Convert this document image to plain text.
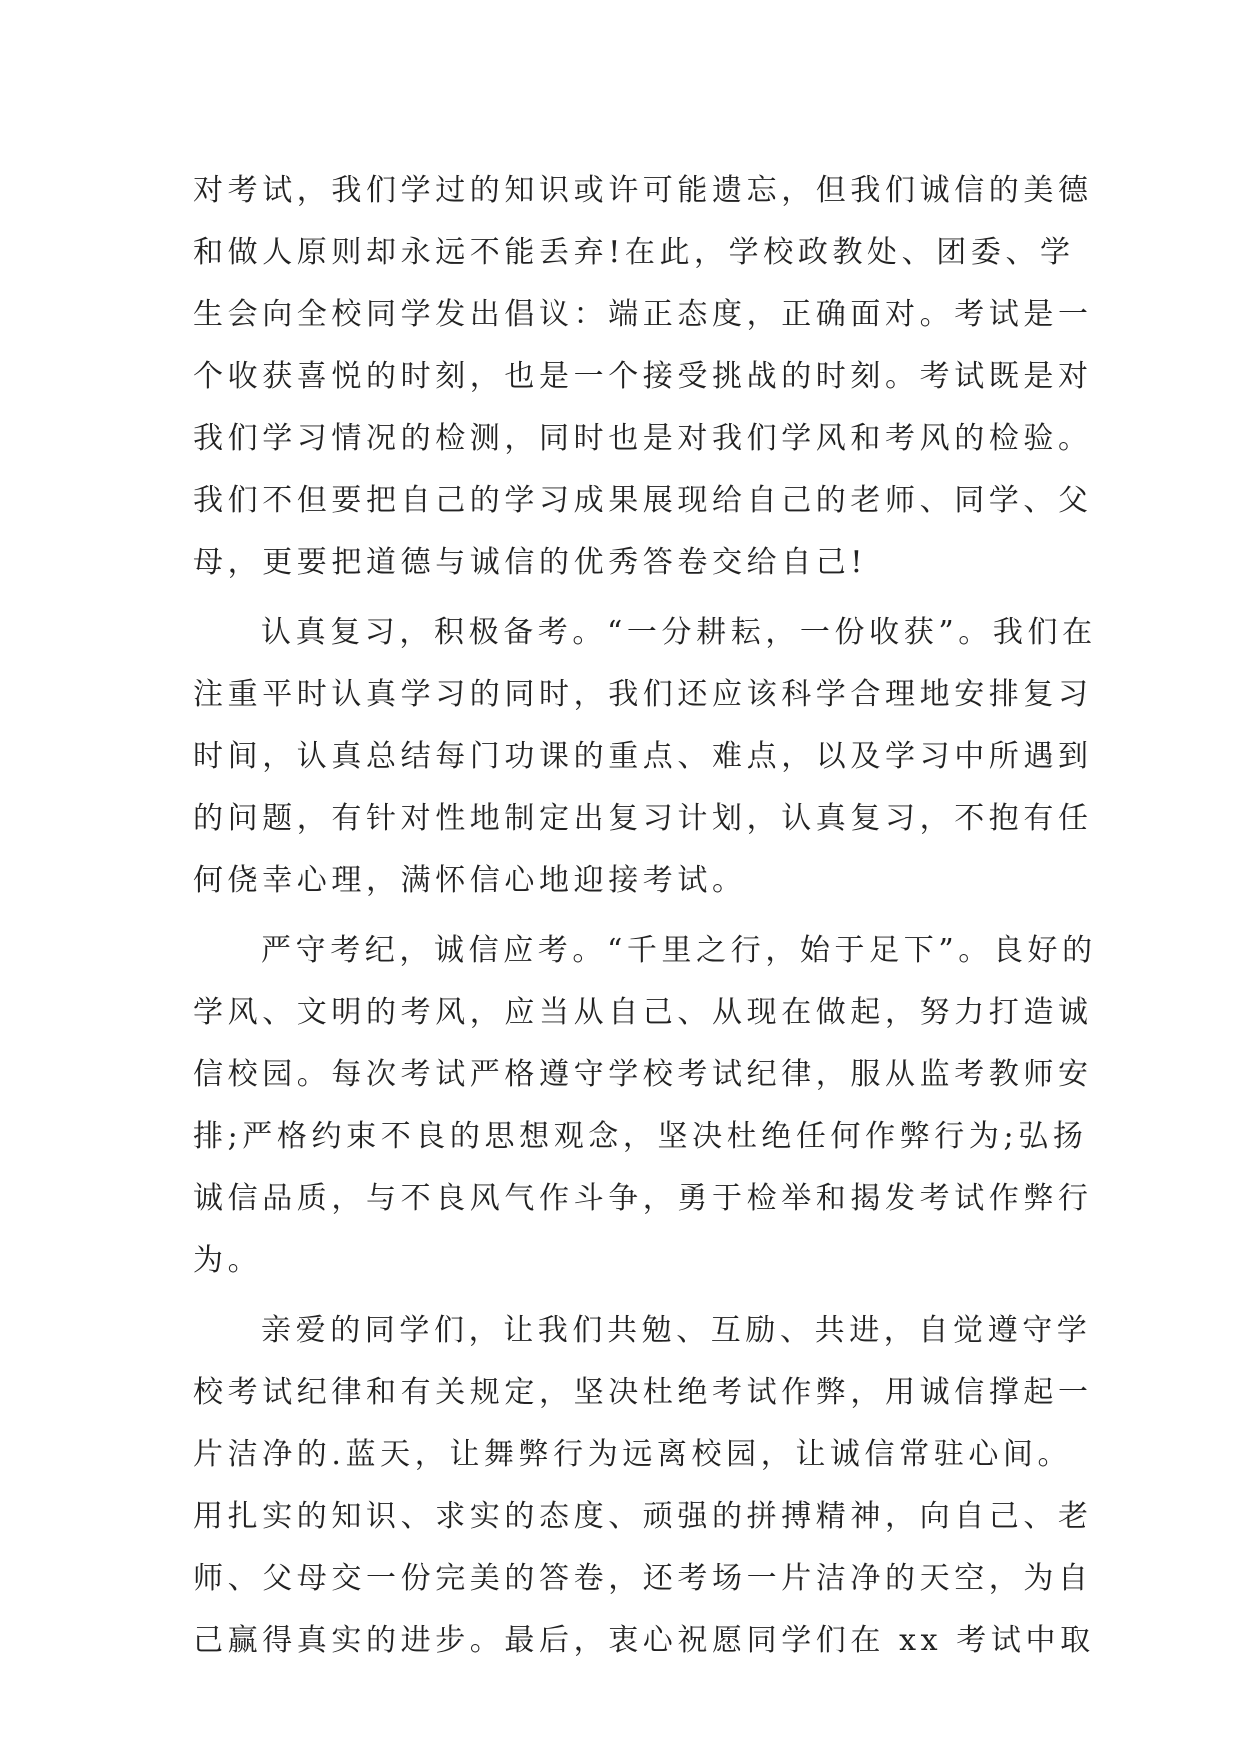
对考试，我们学过的知识或许可能遗忘，但我们诚信的美德
和做人原则却永远不能丢弃!在此，学校政教处、团委、学
生会向全校同学发出倡议：端正态度，正确面对。考试是一
个收获喜悦的时刻，也是一个接受挑战的时刻。考试既是对
我们学习情况的检测，同时也是对我们学风和考风的检验。
我们不但要把自己的学习成果展现给自己的老师、同学、父
母，更要把道德与诚信的优秀答卷交给自己!
认真复习，积极备考。“一分耕耘，一份收获”。我们在
注重平时认真学习的同时，我们还应该科学合理地安排复习
时间，认真总结每门功课的重点、难点，以及学习中所遇到
的问题，有针对性地制定出复习计划，认真复习，不抱有任
何侥幸心理，满怀信心地迎接考试。
严守考纪，诚信应考。“千里之行，始于足下”。良好的
学风、文明的考风，应当从自己、从现在做起，努力打造诚
信校园。每次考试严格遵守学校考试纪律，服从监考教师安
排;严格约束不良的思想观念，坚决杜绝任何作弊行为;弘扬
诚信品质，与不良风气作斗争，勇于检举和揭发考试作弊行
为。
亲爱的同学们，让我们共勉、互励、共进，自觉遵守学
校考试纪律和有关规定，坚决杜绝考试作弊，用诚信撑起一
片洁净的.蓝天，让舞弊行为远离校园，让诚信常驻心间。
用扎实的知识、求实的态度、顽强的拼搏精神，向自己、老
师、父母交一份完美的答卷，还考场一片洁净的天空，为自
己赢得真实的进步。最后，衷心祝愿同学们在 xx 考试中取
